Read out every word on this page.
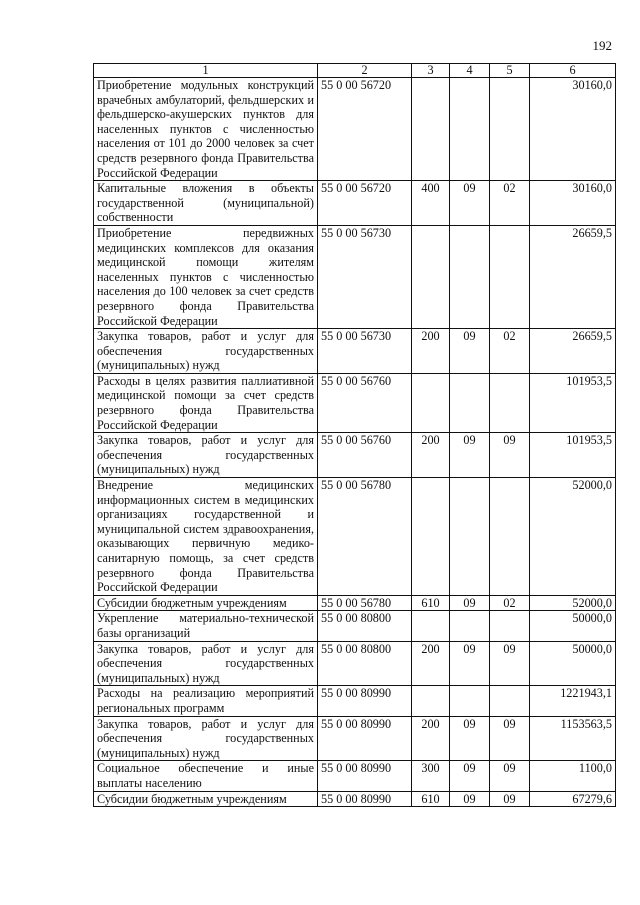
192
1	2	3	4	5	6
Приобретение модульных конструкций врачебных амбулаторий, фельдшерских и фельдшерско-акушерских пунктов для населенных пунктов с численностью населения от 101 до 2000 человек за счет средств резервного фонда Правительства Российской Федерации	55 0 00 56720				30160,0
Капитальные вложения в объекты государственной (муниципальной) собственности	55 0 00 56720	400	09	02	30160,0
Приобретение передвижных медицинских комплексов для оказания медицинской помощи жителям населенных пунктов с численностью населения до 100 человек за счет средств резервного фонда Правительства Российской Федерации	55 0 00 56730				26659,5
Закупка товаров, работ и услуг для обеспечения государственных (муниципальных) нужд	55 0 00 56730	200	09	02	26659,5
Расходы в целях развития паллиативной медицинской помощи за счет средств резервного фонда Правительства Российской Федерации	55 0 00 56760				101953,5
Закупка товаров, работ и услуг для обеспечения государственных (муниципальных) нужд	55 0 00 56760	200	09	09	101953,5
Внедрение медицинских информационных систем в медицинских организациях государственной и муниципальной систем здравоохранения, оказывающих первичную медико-санитарную помощь, за счет средств резервного фонда Правительства Российской Федерации	55 0 00 56780				52000,0
Субсидии бюджетным учреждениям	55 0 00 56780	610	09	02	52000,0
Укрепление материально-технической базы организаций	55 0 00 80800				50000,0
Закупка товаров, работ и услуг для обеспечения государственных (муниципальных) нужд	55 0 00 80800	200	09	09	50000,0
Расходы на реализацию мероприятий региональных программ	55 0 00 80990				1221943,1
Закупка товаров, работ и услуг для обеспечения государственных (муниципальных) нужд	55 0 00 80990	200	09	09	1153563,5
Социальное обеспечение и иные выплаты населению	55 0 00 80990	300	09	09	1100,0
Субсидии бюджетным учреждениям	55 0 00 80990	610	09	09	67279,6
